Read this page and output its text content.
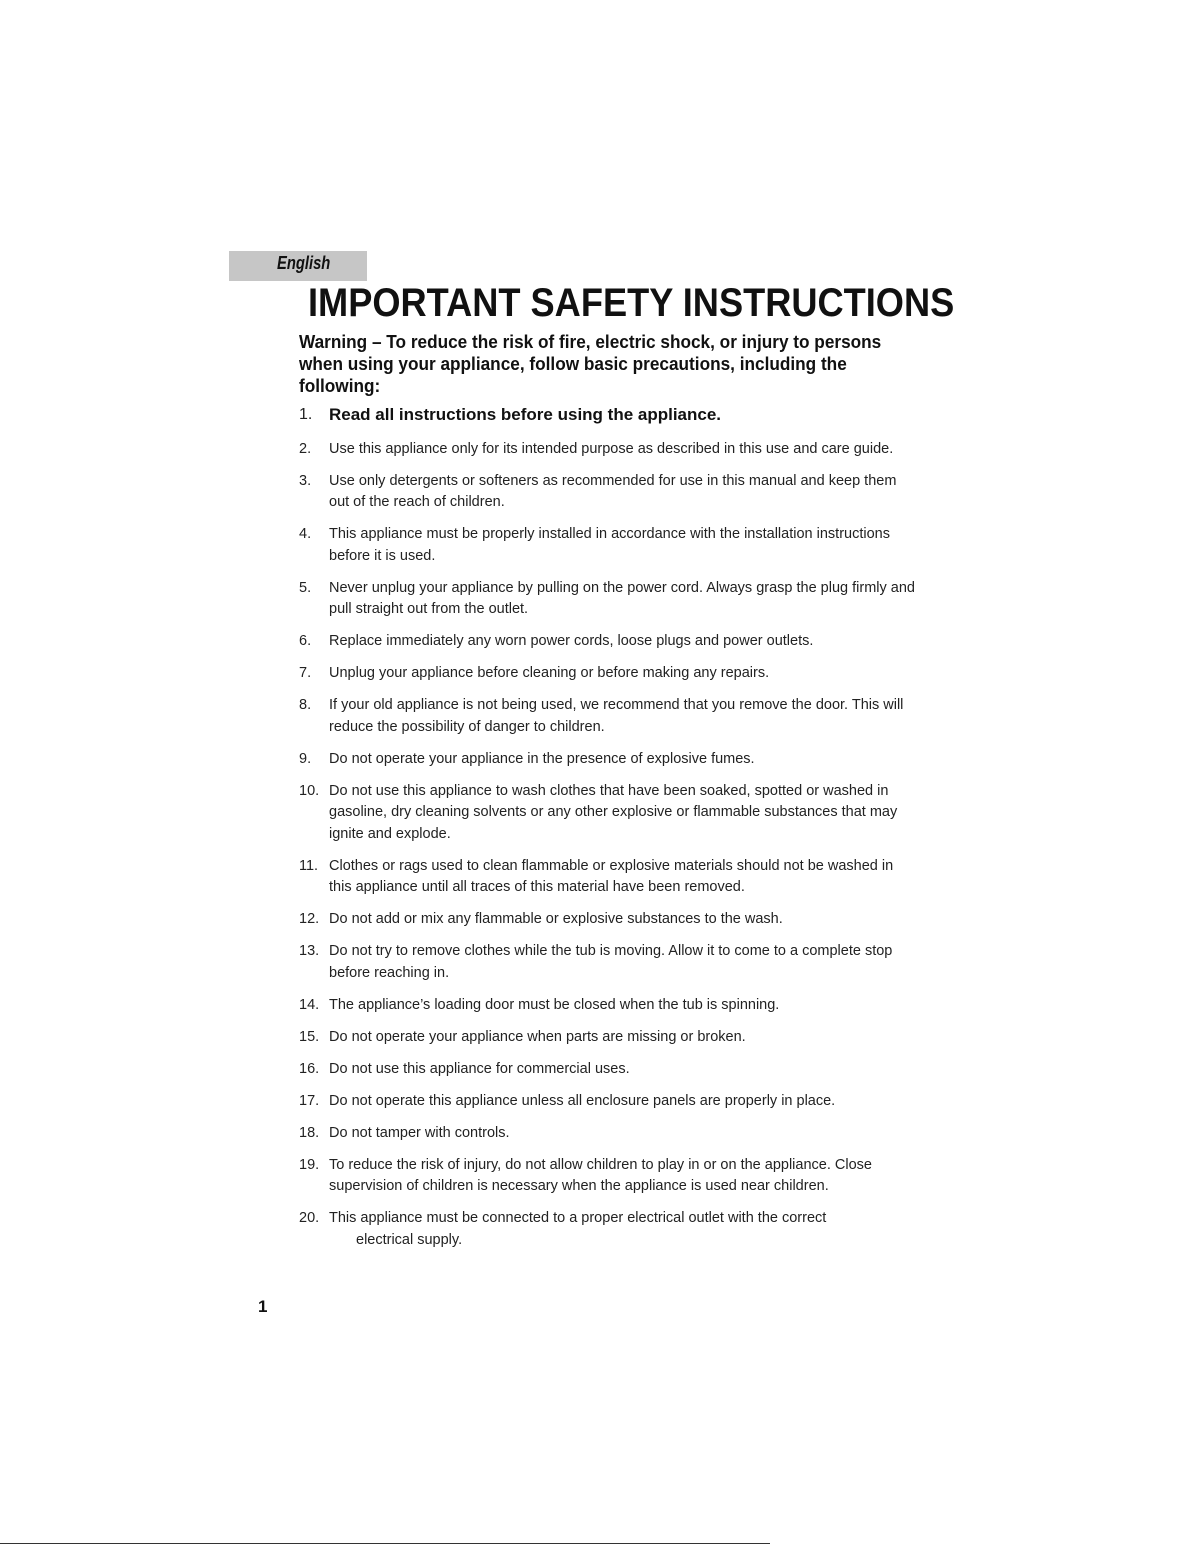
English
IMPORTANT SAFETY INSTRUCTIONS

Warning – To reduce the risk of fire, electric shock, or injury to persons when using your appliance, follow basic precautions, including the following:

1. Read all instructions before using the appliance.
2. Use this appliance only for its intended purpose as described in this use and care guide.
3. Use only detergents or softeners as recommended for use in this manual and keep them out of the reach of children.
4. This appliance must be properly installed in accordance with the installation instructions before it is used.
5. Never unplug your appliance by pulling on the power cord. Always grasp the plug firmly and pull straight out from the outlet.
6. Replace immediately any worn power cords, loose plugs and power outlets.
7. Unplug your appliance before cleaning or before making any repairs.
8. If your old appliance is not being used, we recommend that you remove the door. This will reduce the possibility of danger to children.
9. Do not operate your appliance in the presence of explosive fumes.
10. Do not use this appliance to wash clothes that have been soaked, spotted or washed in gasoline, dry cleaning solvents or any other explosive or flammable substances that may ignite and explode.
11. Clothes or rags used to clean flammable or explosive materials should not be washed in this appliance until all traces of this material have been removed.
12. Do not add or mix any flammable or explosive substances to the wash.
13. Do not try to remove clothes while the tub is moving. Allow it to come to a complete stop before reaching in.
14. The appliance’s loading door must be closed when the tub is spinning.
15. Do not operate your appliance when parts are missing or broken.
16. Do not use this appliance for commercial uses.
17. Do not operate this appliance unless all enclosure panels are properly in place.
18. Do not tamper with controls.
19. To reduce the risk of injury, do not allow children to play in or on the appliance. Close supervision of children is necessary when the appliance is used near children.
20. This appliance must be connected to a proper electrical outlet with the correct
electrical supply.
1
